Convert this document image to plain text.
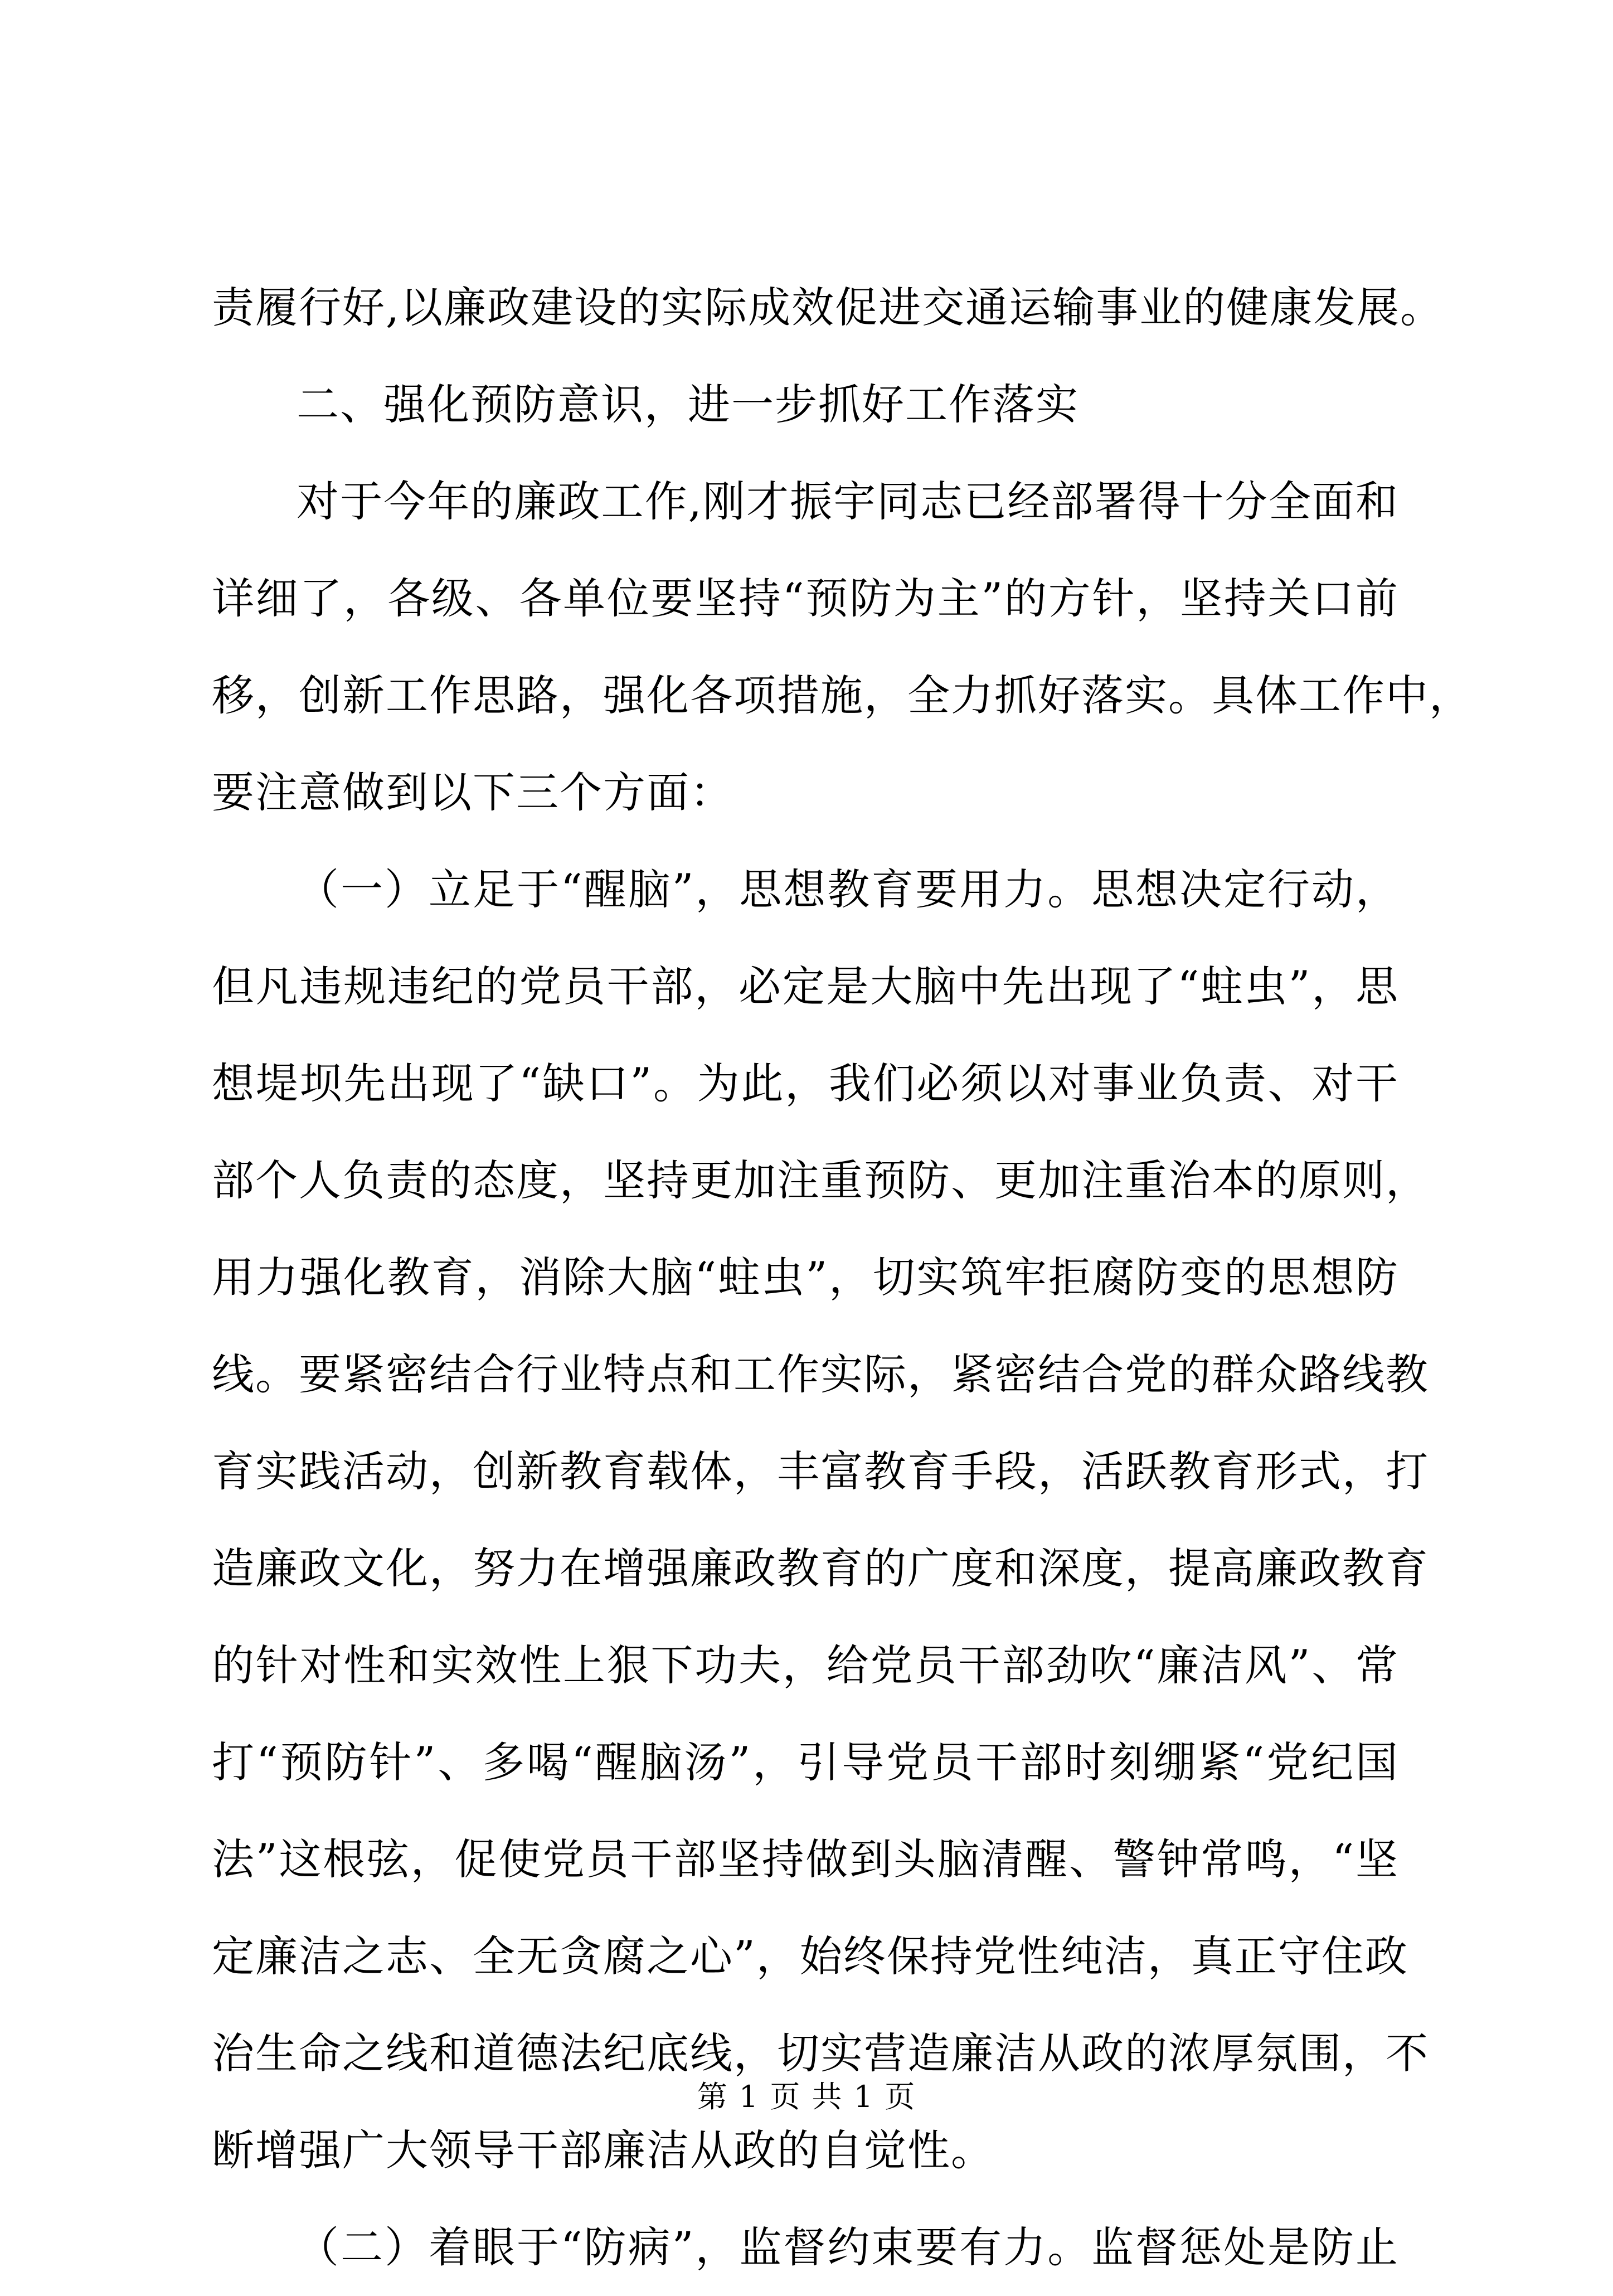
责履行好,以廉政建设的实际成效促进交通运输事业的健康发展。
二、强化预防意识，进一步抓好工作落实
对于今年的廉政工作,刚才振宇同志已经部署得十分全面和
详细了，各级、各单位要坚持“预防为主”的方针，坚持关口前
移，创新工作思路，强化各项措施，全力抓好落实。具体工作中，
要注意做到以下三个方面：
（一）立足于“醒脑”，思想教育要用力。思想决定行动，
但凡违规违纪的党员干部，必定是大脑中先出现了“蛀虫”，思
想堤坝先出现了“缺口”。为此，我们必须以对事业负责、对干
部个人负责的态度，坚持更加注重预防、更加注重治本的原则，
用力强化教育，消除大脑“蛀虫”，切实筑牢拒腐防变的思想防
线。要紧密结合行业特点和工作实际，紧密结合党的群众路线教
育实践活动，创新教育载体，丰富教育手段，活跃教育形式，打
造廉政文化，努力在增强廉政教育的广度和深度，提高廉政教育
的针对性和实效性上狠下功夫，给党员干部劲吹“廉洁风”、常
打“预防针”、多喝“醒脑汤”，引导党员干部时刻绷紧“党纪国
法”这根弦，促使党员干部坚持做到头脑清醒、警钟常鸣，“坚
定廉洁之志、全无贪腐之心”，始终保持党性纯洁，真正守住政
治生命之线和道德法纪底线，切实营造廉洁从政的浓厚氛围，不
断增强广大领导干部廉洁从政的自觉性。
（二）着眼于“防病”，监督约束要有力。监督惩处是防止
第 1 页 共 1 页
